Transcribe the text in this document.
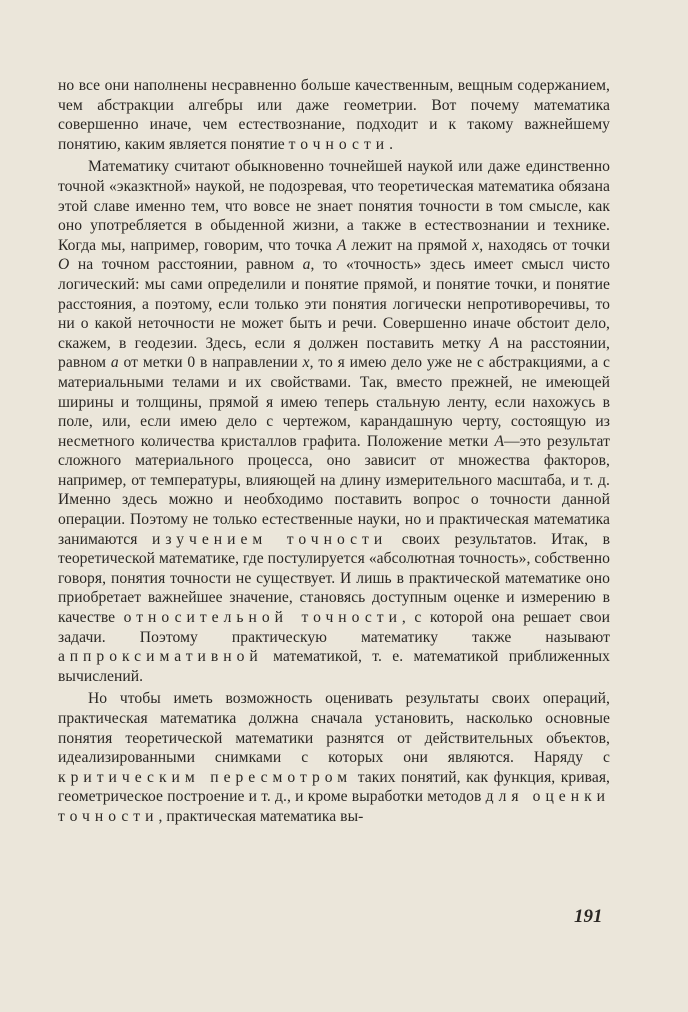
но все они наполнены несравненно больше качественным, вещным содержанием, чем абстракции алгебры или даже геометрии. Вот почему математика совершенно иначе, чем естествознание, подходит и к такому важнейшему понятию, каким является понятие точности.

Математику считают обыкновенно точнейшей наукой или даже единственно точной «эказктной» наукой, не подозревая, что теоретическая математика обязана этой славе именно тем, что вовсе не знает понятия точности в том смысле, как оно употребляется в обыденной жизни, а также в естествознании и технике. Когда мы, например, говорим, что точка A лежит на прямой x, находясь от точки O на точном расстоянии, равном a, то «точность» здесь имеет смысл чисто логический: мы сами определили и понятие прямой, и понятие точки, и понятие расстояния, а поэтому, если только эти понятия логически непротиворечивы, то ни о какой неточности не может быть и речи. Совершенно иначе обстоит дело, скажем, в геодезии. Здесь, если я должен поставить метку A на расстоянии, равном a от метки 0 в направлении x, то я имею дело уже не с абстракциями, а с материальными телами и их свойствами. Так, вместо прежней, не имеющей ширины и толщины, прямой я имею теперь стальную ленту, если нахожусь в поле, или, если имею дело с чертежом, карандашную черту, состоящую из несметного количества кристаллов графита. Положение метки A—это результат сложного материального процесса, оно зависит от множества факторов, например, от температуры, влияющей на длину измерительного масштаба, и т. д. Именно здесь можно и необходимо поставить вопрос о точности данной операции. Поэтому не только естественные науки, но и практическая математика занимаются изучением точности своих результатов. Итак, в теоретической математике, где постулируется «абсолютная точность», собственно говоря, понятия точности не существует. И лишь в практической математике оно приобретает важнейшее значение, становясь доступным оценке и измерению в качестве относительной точности, с которой она решает свои задачи. Поэтому практическую математику также называют аппроксимативной математикой, т. е. математикой приближенных вычислений.

Но чтобы иметь возможность оценивать результаты своих операций, практическая математика должна сначала установить, насколько основные понятия теоретической математики разнятся от действительных объектов, идеализированными снимками с которых они являются. Наряду с критическим пересмотром таких понятий, как функция, кривая, геометрическое построение и т. д., и кроме выработки методов для оценки точности, практическая математика вы-

191
